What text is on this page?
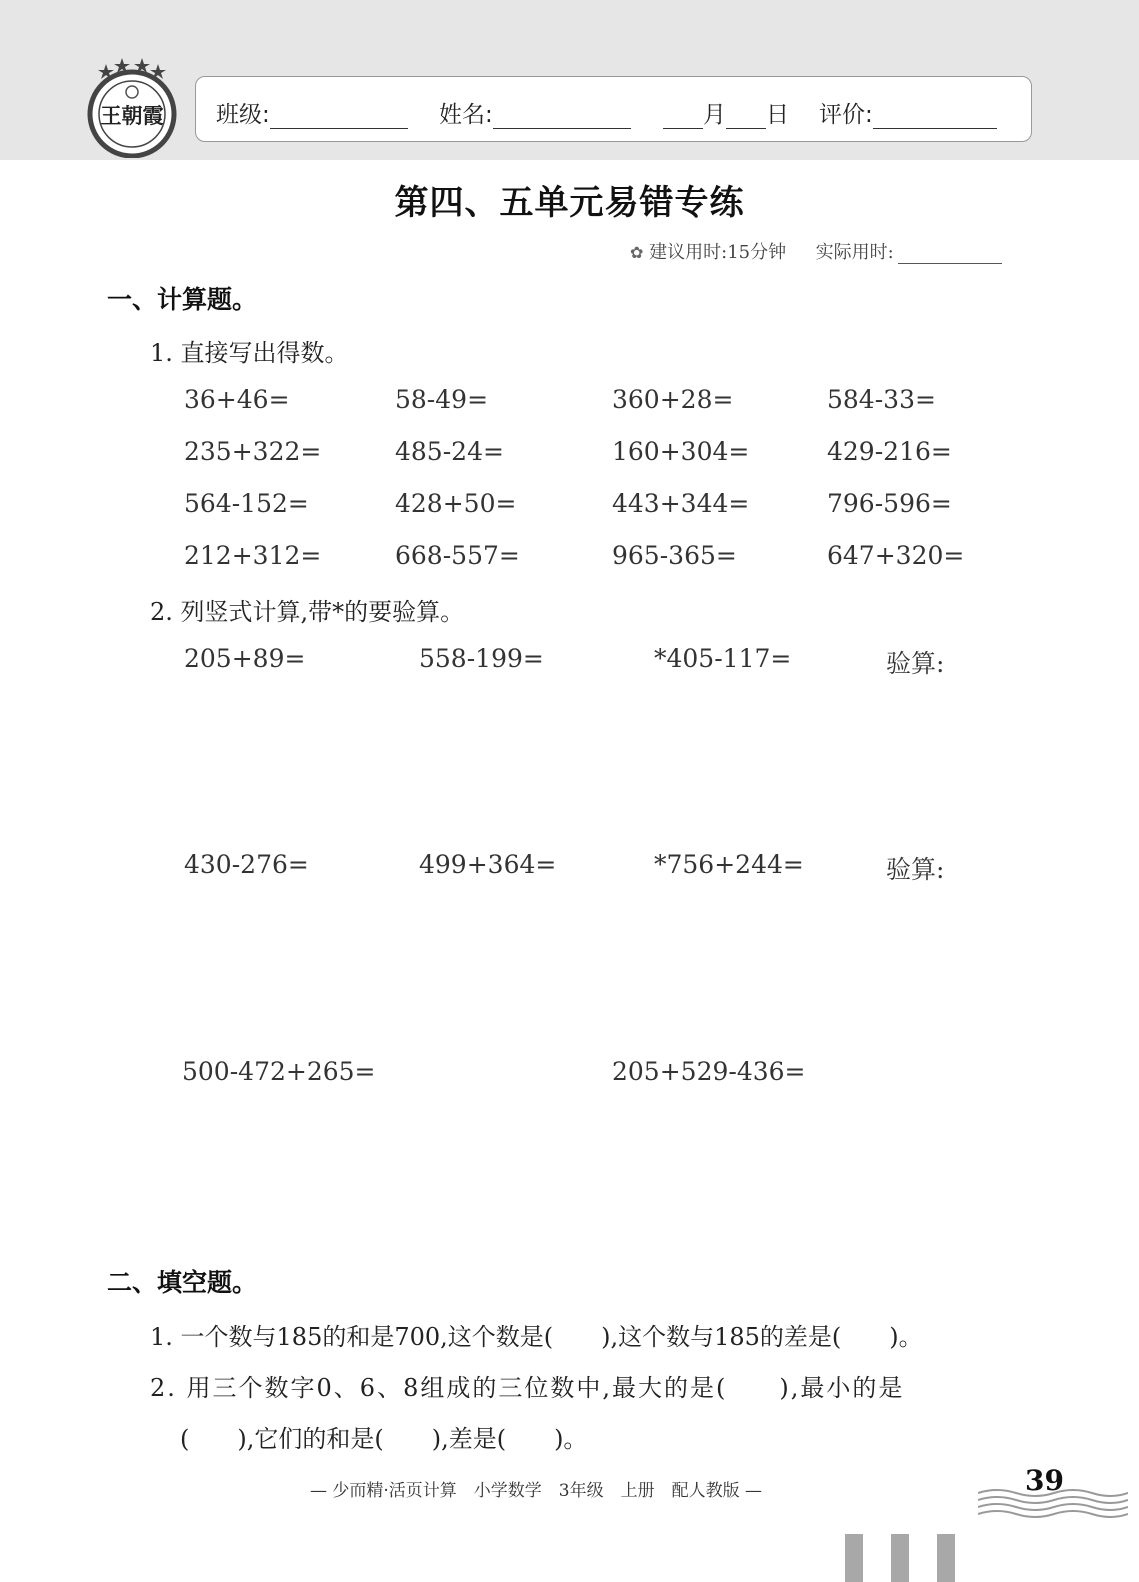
王朝霞 班级:	姓名:	月 日 评价:
第四、五单元易错专练
✿ 建议用时:15分钟 实际用时:
一、计算题。
1. 直接写出得数。
36+46=	58-49=	360+28=	584-33=
235+322=	485-24=	160+304=	429-216=
564-152=	428+50=	443+344=	796-596=
212+312=	668-557=	965-365=	647+320=
2. 列竖式计算,带*的要验算。
205+89=	558-199=	*405-117=	验算:
430-276=	499+364=	*756+244=	验算:
500-472+265=	205+529-436=
二、填空题。
1. 一个数与185的和是700,这个数是(　　),这个数与185的差是(　　)。
2. 用三个数字0、6、8组成的三位数中,最大的是(　　),最小的是
(　　),它们的和是(　　),差是(　　)。
— 少而精·活页计算　小学数学　3年级　上册　配人教版 —	39
